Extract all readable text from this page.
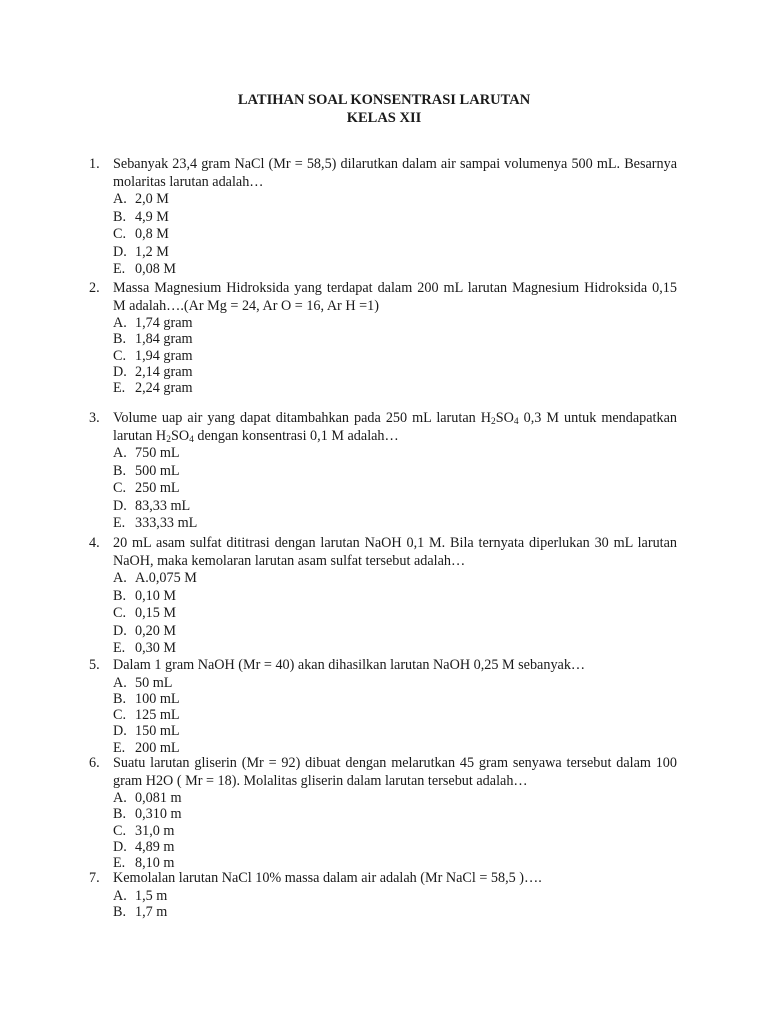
LATIHAN SOAL KONSENTRASI LARUTAN
KELAS XII
1. Sebanyak 23,4 gram NaCl (Mr = 58,5) dilarutkan dalam air sampai volumenya 500 mL. Besarnya molaritas larutan adalah…
A. 2,0 M
B. 4,9 M
C. 0,8 M
D. 1,2 M
E. 0,08 M
2. Massa Magnesium Hidroksida yang terdapat dalam 200 mL larutan Magnesium Hidroksida 0,15 M adalah….(Ar Mg = 24, Ar O = 16, Ar H =1)
A. 1,74 gram
B. 1,84 gram
C. 1,94 gram
D. 2,14 gram
E. 2,24 gram
3. Volume uap air yang dapat ditambahkan pada 250 mL larutan $H_2SO_4$ 0,3 M untuk mendapatkan larutan $H_2SO_4$ dengan konsentrasi 0,1 M adalah…
A. 750 mL
B. 500 mL
C. 250 mL
D. 83,33 mL
E. 333,33 mL
4. 20 mL asam sulfat dititrasi dengan larutan NaOH 0,1 M. Bila ternyata diperlukan 30 mL larutan NaOH, maka kemolaran larutan asam sulfat tersebut adalah…
A. A.0,075 M
B. 0,10 M
C. 0,15 M
D. 0,20 M
E. 0,30 M
5. Dalam 1 gram NaOH (Mr = 40) akan dihasilkan larutan NaOH 0,25 M sebanyak…
A. 50 mL
B. 100 mL
C. 125 mL
D. 150 mL
E. 200 mL
6. Suatu larutan gliserin (Mr = 92) dibuat dengan melarutkan 45 gram senyawa tersebut dalam 100 gram H2O ( Mr = 18). Molalitas gliserin dalam larutan tersebut adalah…
A. 0,081 m
B. 0,310 m
C. 31,0 m
D. 4,89 m
E. 8,10 m
7. Kemolalan larutan NaCl 10% massa dalam air adalah (Mr NaCl = 58,5 )….
A. 1,5 m
B. 1,7 m
